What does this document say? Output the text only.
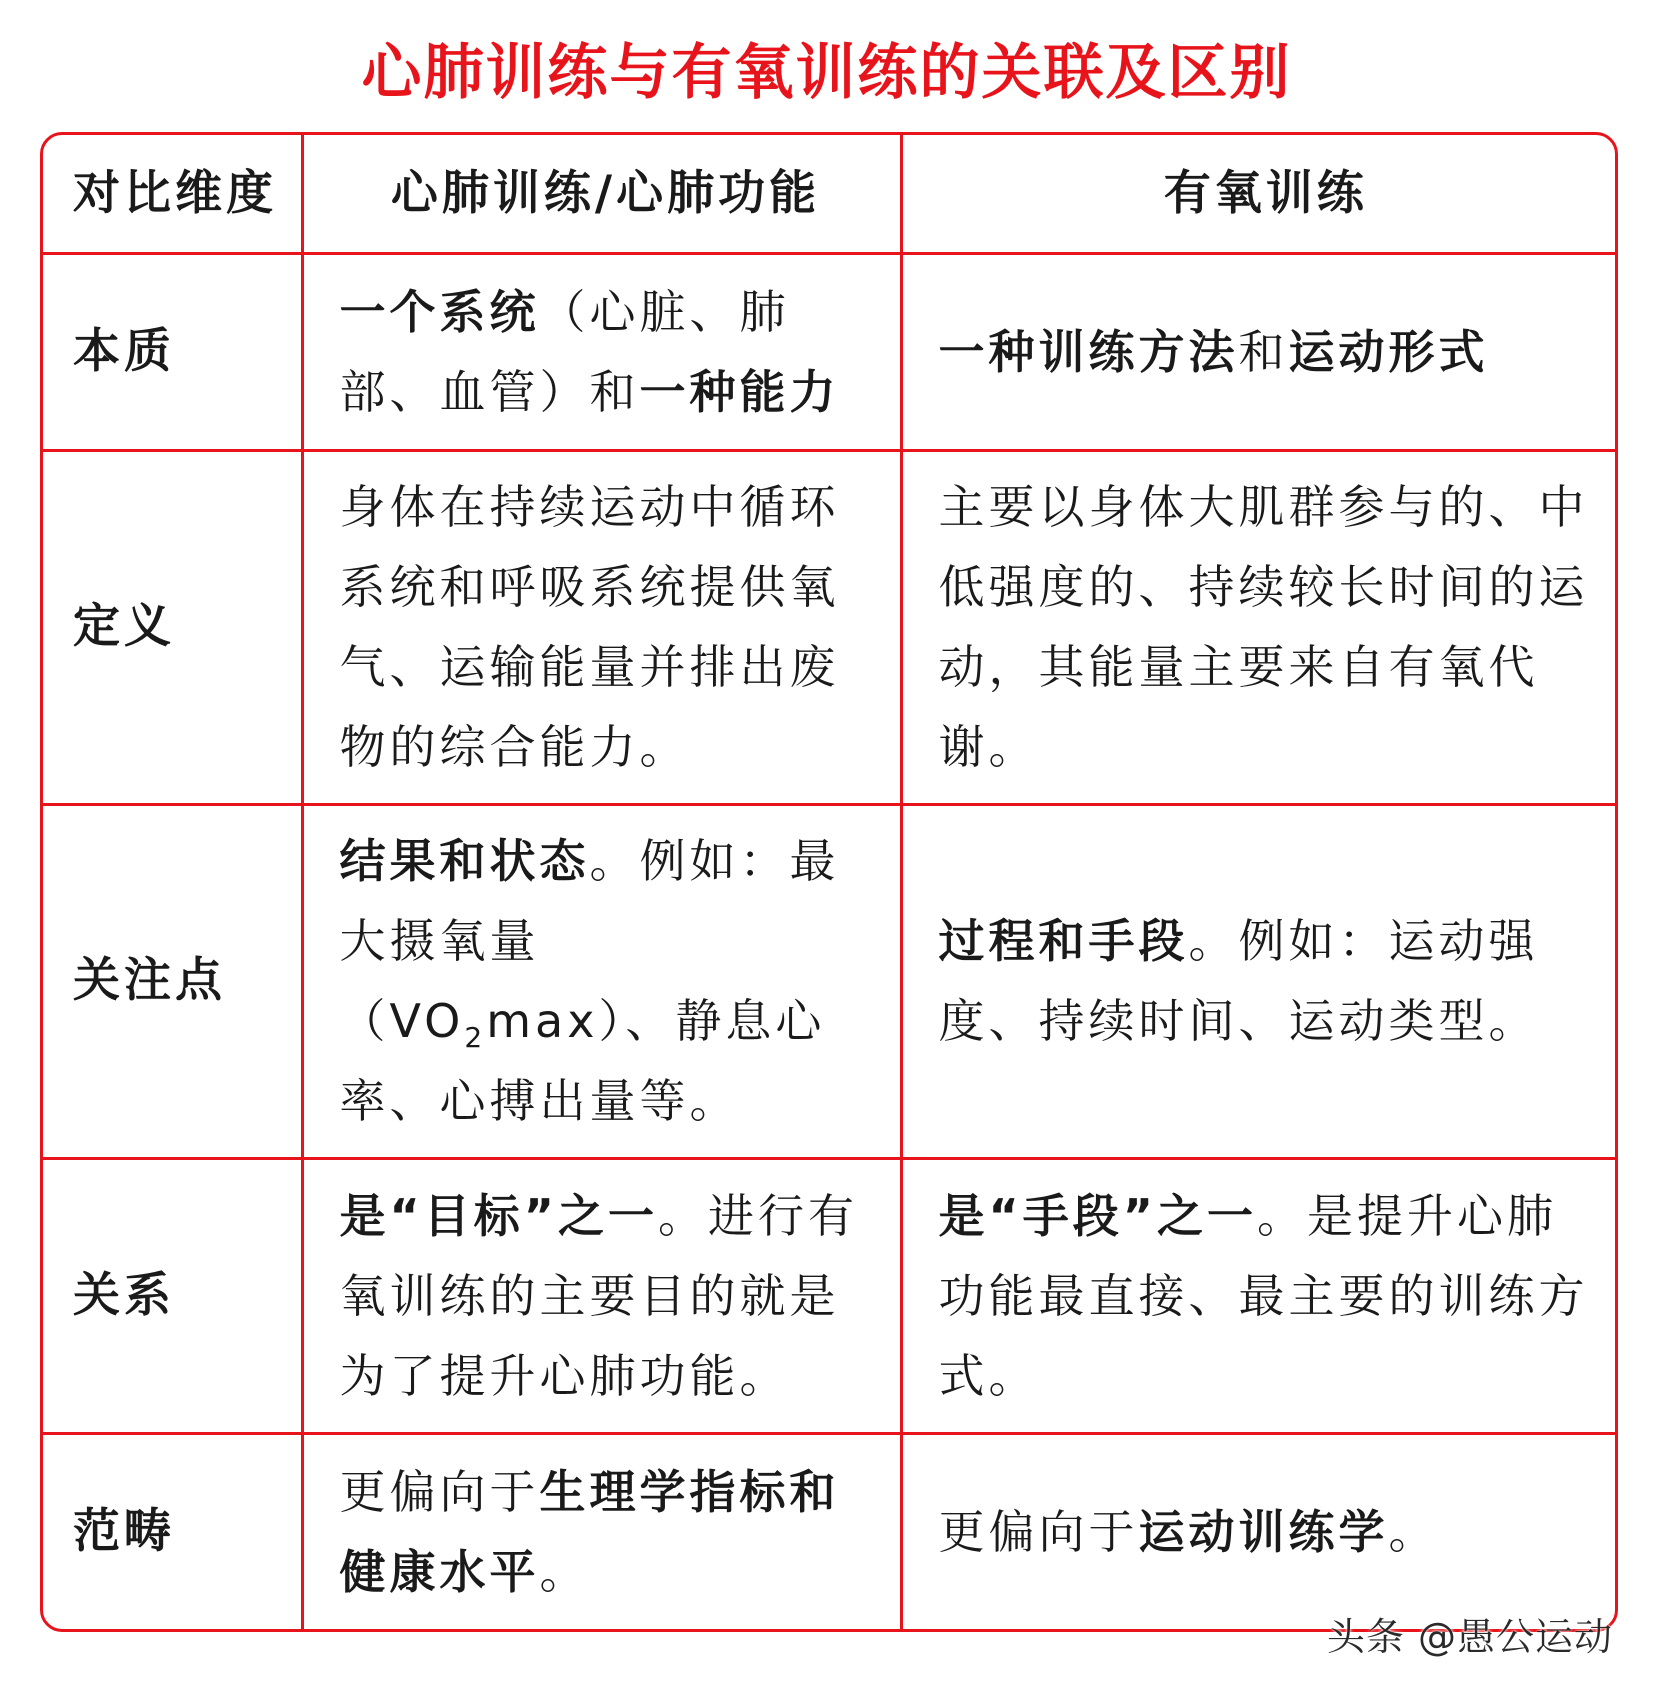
心肺训练与有氧训练的关联及区别
对比维度	心肺训练/心肺功能	有氧训练
本质	一个系统（心脏、肺部、血管）和一种能力	一种训练方法和运动形式
定义	身体在持续运动中循环系统和呼吸系统提供氧气、运输能量并排出废物的综合能力。	主要以身体大肌群参与的、中低强度的、持续较长时间的运动，其能量主要来自有氧代谢。
关注点	结果和状态。例如：最大摄氧量$(VO_2\max)$、静息心率、心搏出量等。	过程和手段。例如：运动强度、持续时间、运动类型。
关系	是“目标”之一。进行有氧训练的主要目的就是为了提升心肺功能。	是“手段”之一。是提升心肺功能最直接、最主要的训练方式。
范畴	更偏向于生理学指标和健康水平。	更偏向于运动训练学。
头条 @愚公运动
